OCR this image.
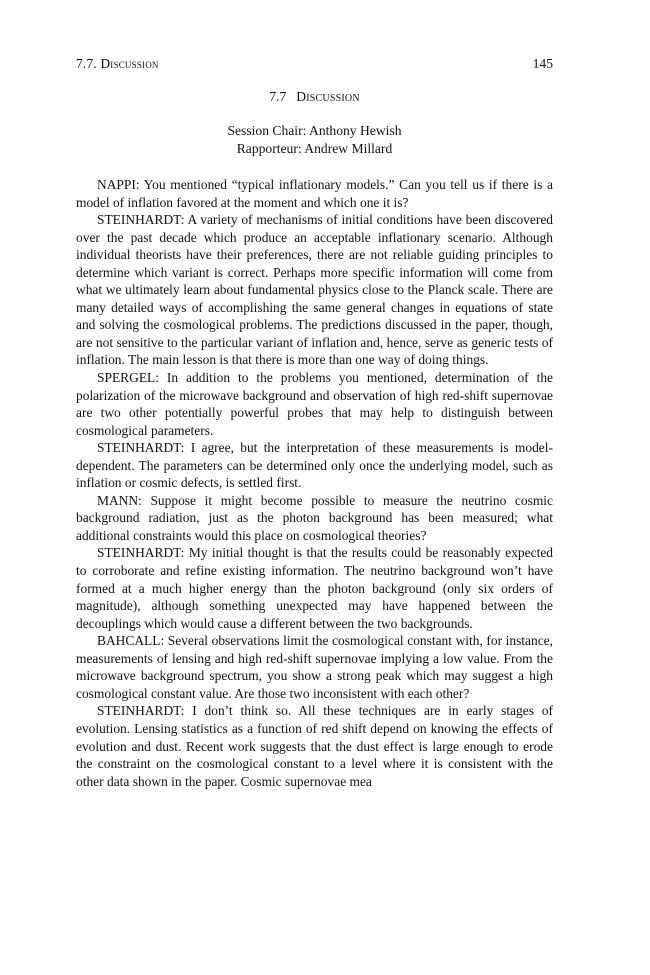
7.7. Discussion	145
7.7 Discussion
Session Chair: Anthony Hewish
Rapporteur: Andrew Millard

NAPPI: You mentioned “typical inflationary models.” Can you tell us if there is a model of inflation favored at the moment and which one it is?

STEINHARDT: A variety of mechanisms of initial conditions have been discovered over the past decade which produce an acceptable inflationary scenario. Although individual theorists have their preferences, there are not reliable guiding principles to determine which variant is correct. Perhaps more specific information will come from what we ultimately learn about fundamental physics close to the Planck scale. There are many detailed ways of accomplishing the same general changes in equations of state and solving the cosmological problems. The predictions discussed in the paper, though, are not sensitive to the particular variant of inflation and, hence, serve as generic tests of inflation. The main lesson is that there is more than one way of doing things.

SPERGEL: In addition to the problems you mentioned, determination of the polarization of the microwave background and observation of high red-shift supernovae are two other potentially powerful probes that may help to distinguish between cosmological parameters.

STEINHARDT: I agree, but the interpretation of these measurements is model-dependent. The parameters can be determined only once the underlying model, such as inflation or cosmic defects, is settled first.

MANN: Suppose it might become possible to measure the neutrino cosmic background radiation, just as the photon background has been measured; what additional constraints would this place on cosmological theories?

STEINHARDT: My initial thought is that the results could be reasonably expected to corroborate and refine existing information. The neutrino background won’t have formed at a much higher energy than the photon background (only six orders of magnitude), although something unexpected may have happened between the decouplings which would cause a different between the two backgrounds.

BAHCALL: Several observations limit the cosmological constant with, for instance, measurements of lensing and high red-shift supernovae implying a low value. From the microwave background spectrum, you show a strong peak which may suggest a high cosmological constant value. Are those two inconsistent with each other?

STEINHARDT: I don’t think so. All these techniques are in early stages of evolution. Lensing statistics as a function of red shift depend on knowing the effects of evolution and dust. Recent work suggests that the dust effect is large enough to erode the constraint on the cosmological constant to a level where it is consistent with the other data shown in the paper. Cosmic supernovae mea
